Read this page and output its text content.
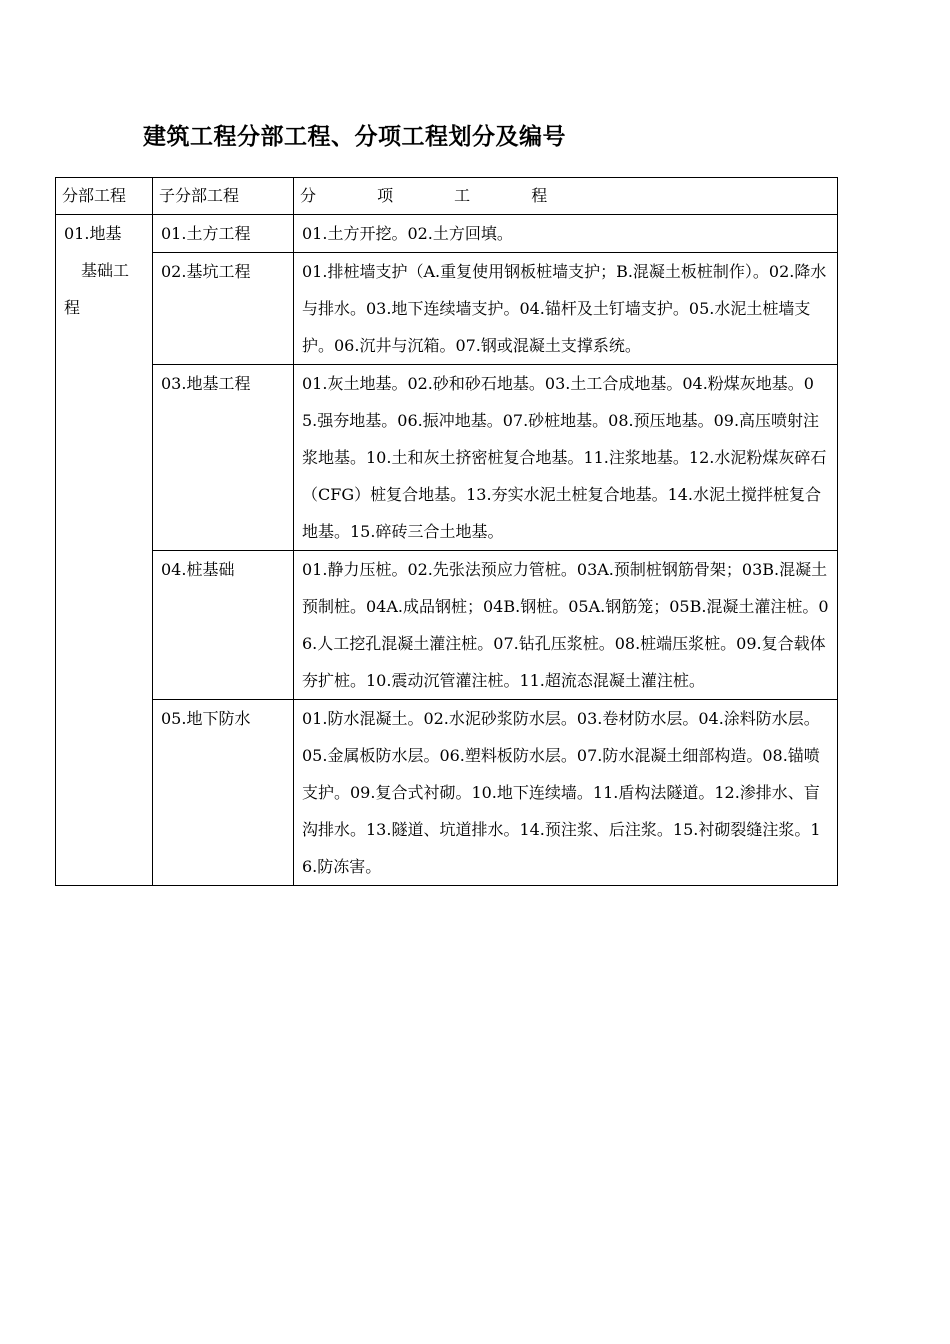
建筑工程分部工程、分项工程划分及编号
分部工程	子分部工程	分 项 工 程

01.地基
基础工
程	01.土方工程	01.土方开挖。02.土方回填。
	02.基坑工程	01.排桩墙支护（A.重复使用钢板桩墙支护；B.混凝土板桩制作）。02.降水与排水。03.地下连续墙支护。04.锚杆及土钉墙支护。05.水泥土桩墙支护。06.沉井与沉箱。07.钢或混凝土支撑系统。
	03.地基工程	01.灰土地基。02.砂和砂石地基。03.土工合成地基。04.粉煤灰地基。05.强夯地基。06.振冲地基。07.砂桩地基。08.预压地基。09.高压喷射注浆地基。10.土和灰土挤密桩复合地基。11.注浆地基。12.水泥粉煤灰碎石（CFG）桩复合地基。13.夯实水泥土桩复合地基。14.水泥土搅拌桩复合地基。15.碎砖三合土地基。
	04.桩基础	01.静力压桩。02.先张法预应力管桩。03A.预制桩钢筋骨架；03B.混凝土预制桩。04A.成品钢桩；04B.钢桩。05A.钢筋笼；05B.混凝土灌注桩。06.人工挖孔混凝土灌注桩。07.钻孔压浆桩。08.桩端压浆桩。09.复合载体夯扩桩。10.震动沉管灌注桩。11.超流态混凝土灌注桩。
	05.地下防水	01.防水混凝土。02.水泥砂浆防水层。03.卷材防水层。04.涂料防水层。05.金属板防水层。06.塑料板防水层。07.防水混凝土细部构造。08.锚喷支护。09.复合式衬砌。10.地下连续墙。11.盾构法隧道。12.渗排水、盲沟排水。13.隧道、坑道排水。14.预注浆、后注浆。15.衬砌裂缝注浆。16.防冻害。
